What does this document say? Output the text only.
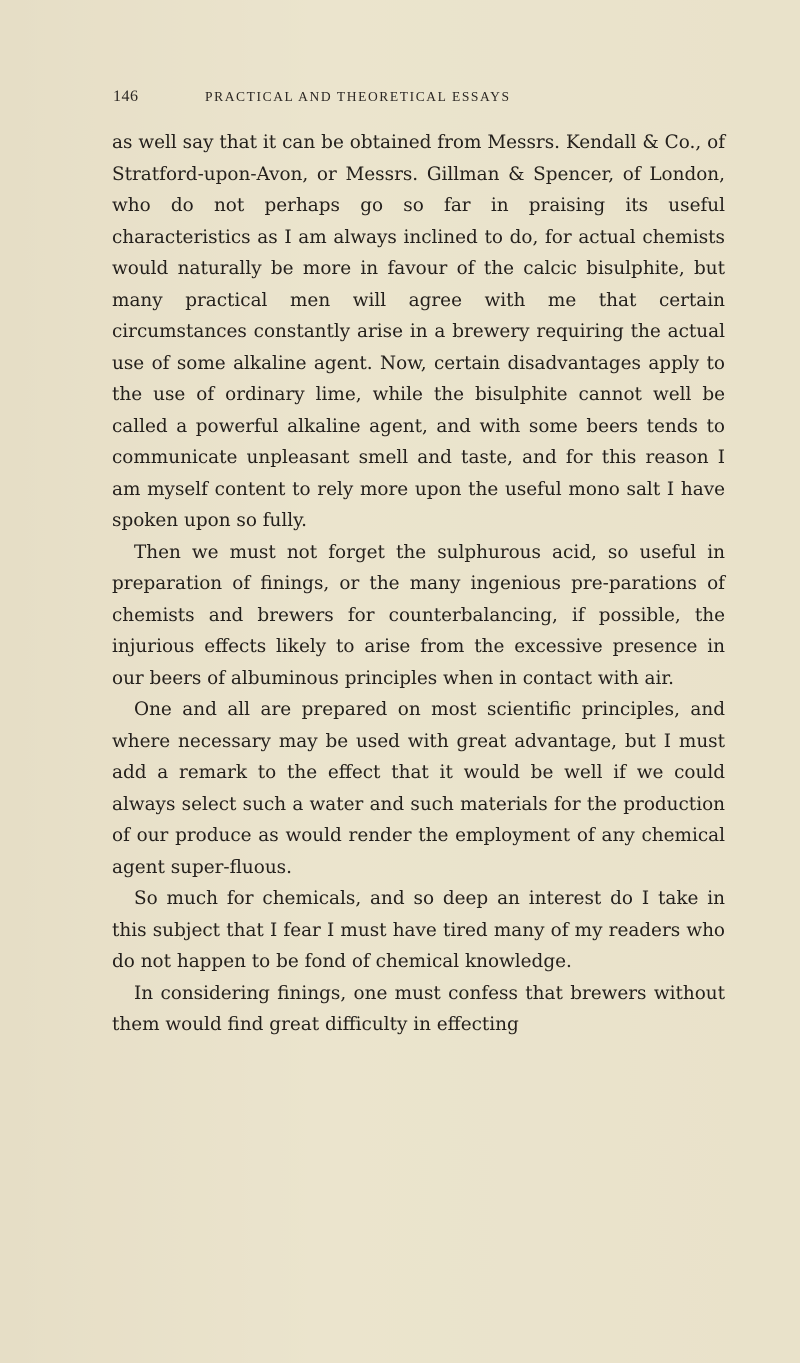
146	PRACTICAL AND THEORETICAL ESSAYS

as well say that it can be obtained from Messrs. Kendall & Co., of Stratford-upon-Avon, or Messrs. Gillman & Spencer, of London, who do not perhaps go so far in praising its useful characteristics as I am always inclined to do, for actual chemists would naturally be more in favour of the calcic bisulphite, but many practical men will agree with me that certain circumstances constantly arise in a brewery requiring the actual use of some alkaline agent. Now, certain disadvantages apply to the use of ordinary lime, while the bisulphite cannot well be called a powerful alkaline agent, and with some beers tends to communicate unpleasant smell and taste, and for this reason I am myself content to rely more upon the useful mono salt I have spoken upon so fully.

Then we must not forget the sulphurous acid, so useful in preparation of finings, or the many ingenious pre-parations of chemists and brewers for counterbalancing, if possible, the injurious effects likely to arise from the excessive presence in our beers of albuminous principles when in contact with air.

One and all are prepared on most scientific principles, and where necessary may be used with great advantage, but I must add a remark to the effect that it would be well if we could always select such a water and such materials for the production of our produce as would render the employment of any chemical agent super-fluous.

So much for chemicals, and so deep an interest do I take in this subject that I fear I must have tired many of my readers who do not happen to be fond of chemical knowledge.

In considering finings, one must confess that brewers without them would find great difficulty in effecting
